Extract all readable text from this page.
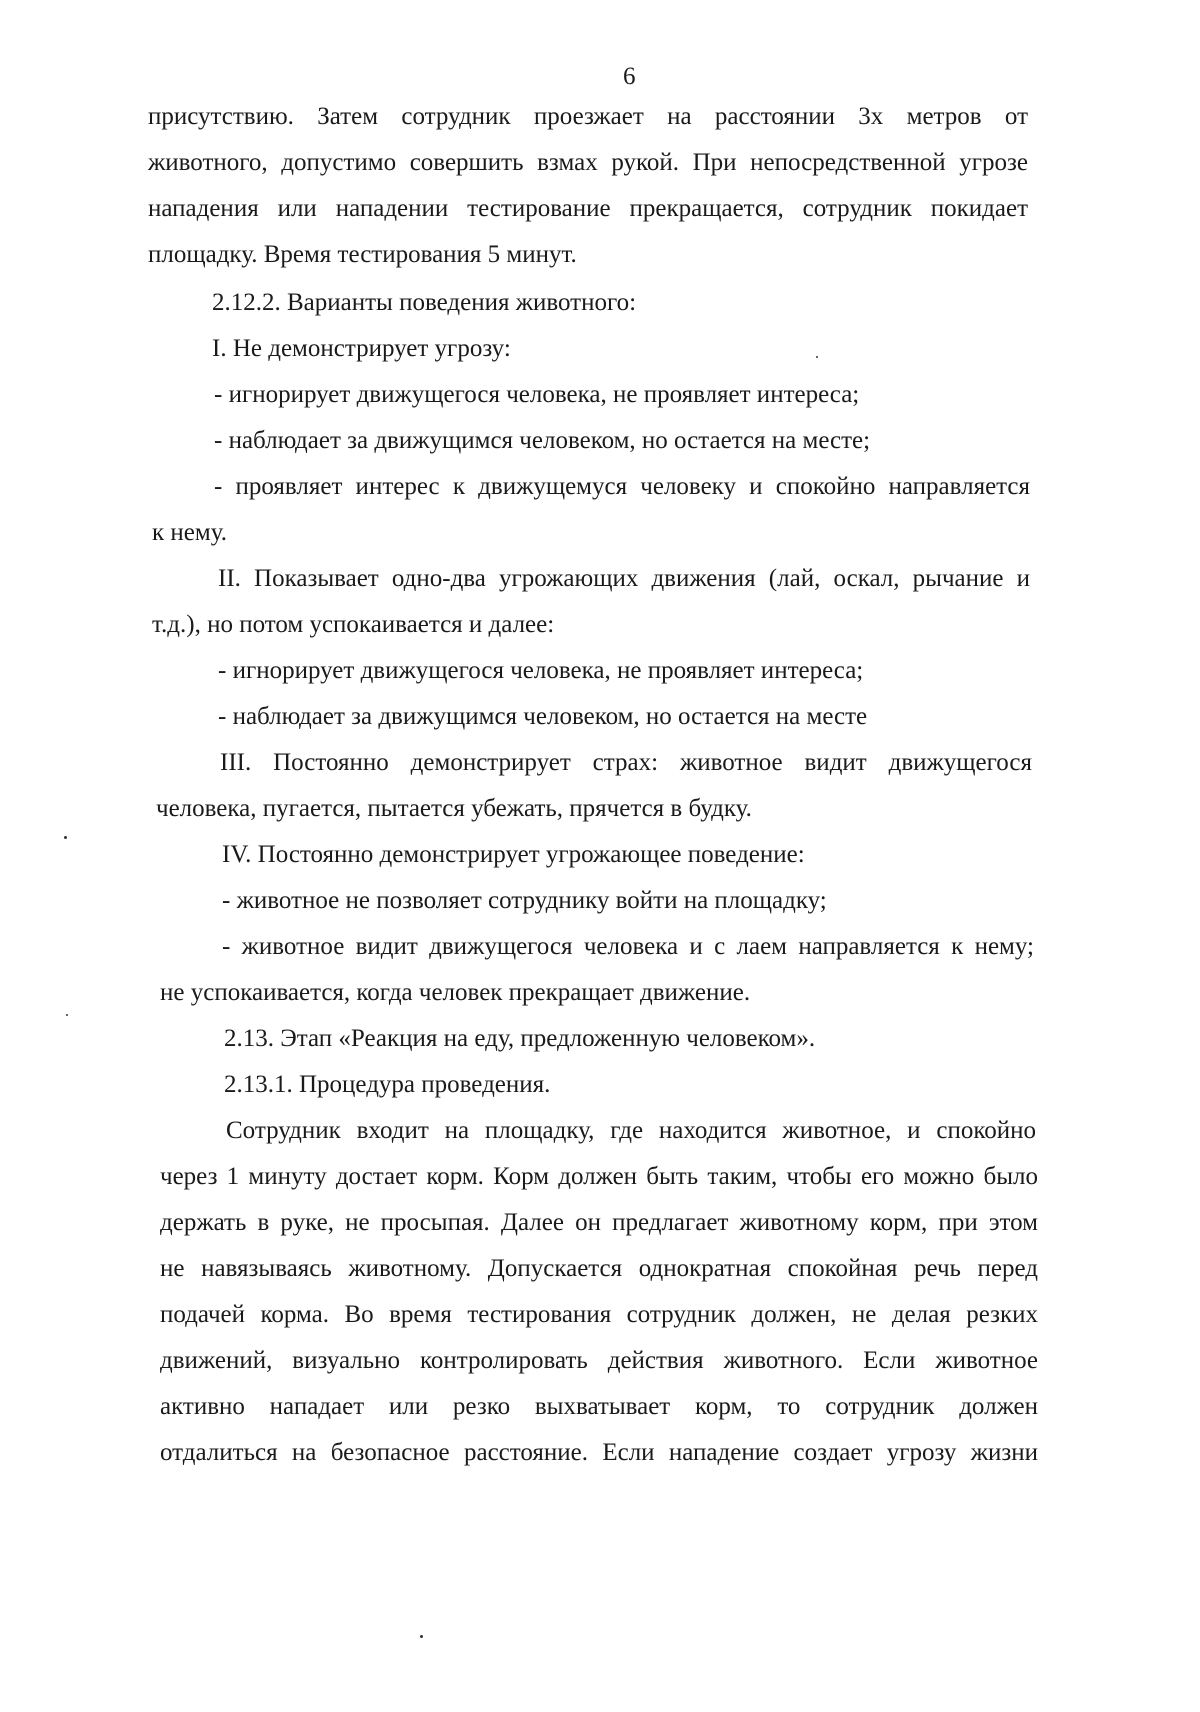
6

присутствию. Затем сотрудник проезжает на расстоянии 3х метров от

животного, допустимо совершить взмах рукой. При непосредственной угрозе

нападения или нападении тестирование прекращается, сотрудник покидает

площадку. Время тестирования 5 минут.

2.12.2. Варианты поведения животного:

I. Не демонстрирует угрозу:

- игнорирует движущегося человека, не проявляет интереса;

- наблюдает за движущимся человеком, но остается на месте;

- проявляет интерес к движущемуся человеку и спокойно направляется

к нему.

II. Показывает одно-два угрожающих движения (лай, оскал, рычание и

т.д.), но потом успокаивается и далее:

- игнорирует движущегося человека, не проявляет интереса;

- наблюдает за движущимся человеком, но остается на месте

III. Постоянно демонстрирует страх: животное видит движущегося

человека, пугается, пытается убежать, прячется в будку.

IV. Постоянно демонстрирует угрожающее поведение:

- животное не позволяет сотруднику войти на площадку;

- животное видит движущегося человека и с лаем направляется к нему;

не успокаивается, когда человек прекращает движение.

2.13. Этап «Реакция на еду, предложенную человеком».

2.13.1. Процедура проведения.

Сотрудник входит на площадку, где находится животное, и спокойно

через 1 минуту достает корм. Корм должен быть таким, чтобы его можно было

держать в руке, не просыпая. Далее он предлагает животному корм, при этом

не навязываясь животному. Допускается однократная спокойная речь перед

подачей корма. Во время тестирования сотрудник должен, не делая резких

движений, визуально контролировать действия животного. Если животное

активно нападает или резко выхватывает корм, то сотрудник должен

отдалиться на безопасное расстояние. Если нападение создает угрозу жизни
